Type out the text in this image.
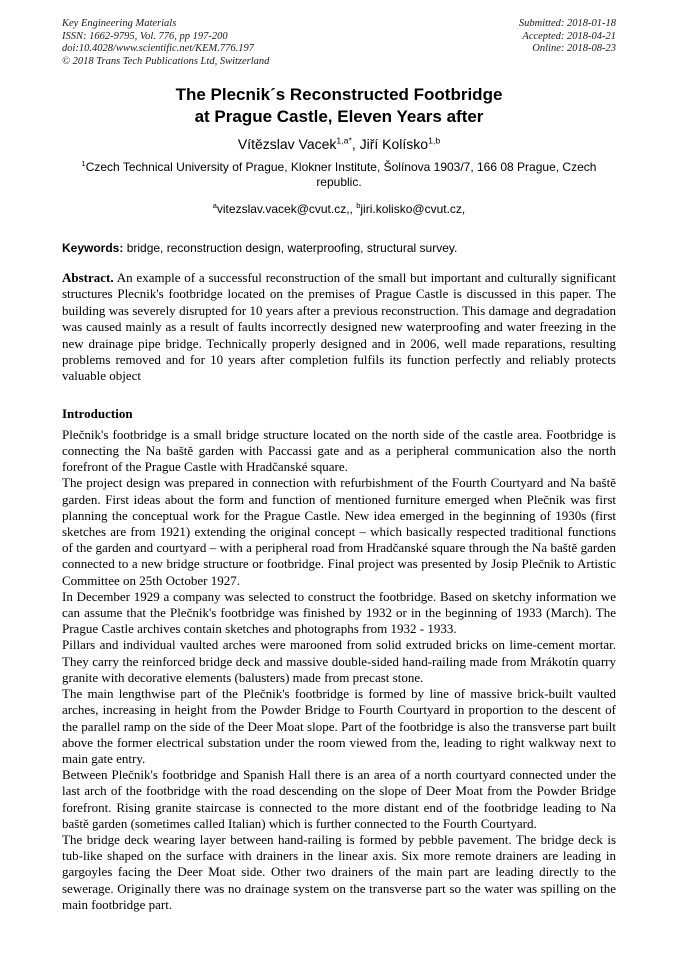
Key Engineering Materials
ISSN: 1662-9795, Vol. 776, pp 197-200
doi:10.4028/www.scientific.net/KEM.776.197
© 2018 Trans Tech Publications Ltd, Switzerland
Submitted: 2018-01-18
Accepted: 2018-04-21
Online: 2018-08-23
The Plecnik´s Reconstructed Footbridge
at Prague Castle, Eleven Years after
Vítězslav Vacek$^{1,a*}$, Jiří Kolísko$^{1,b}$
$^1$Czech Technical University of Prague, Klokner Institute, Šolínova 1903/7, 166 08 Prague, Czech republic.
$^a$vitezslav.vacek@cvut.cz,, $^b$jiri.kolisko@cvut.cz,

Keywords: bridge, reconstruction design, waterproofing, structural survey.

Abstract. An example of a successful reconstruction of the small but important and culturally significant structures Plecnik's footbridge located on the premises of Prague Castle is discussed in this paper. The building was severely disrupted for 10 years after a previous reconstruction. This damage and degradation was caused mainly as a result of faults incorrectly designed new waterproofing and water freezing in the new drainage pipe bridge. Technically properly designed and in 2006, well made reparations, resulting problems removed and for 10 years after completion fulfils its function perfectly and reliably protects valuable object

Introduction

Plečnik's footbridge is a small bridge structure located on the north side of the castle area. Footbridge is connecting the Na baště garden with Paccassi gate and as a peripheral communication also the north forefront of the Prague Castle with Hradčanské square.

The project design was prepared in connection with refurbishment of the Fourth Courtyard and Na baště garden. First ideas about the form and function of mentioned furniture emerged when Plečnik was first planning the conceptual work for the Prague Castle. New idea emerged in the beginning of 1930s (first sketches are from 1921) extending the original concept – which basically respected traditional functions of the garden and courtyard – with a peripheral road from Hradčanské square through the Na baště garden connected to a new bridge structure or footbridge. Final project was presented by Josip Plečnik to Artistic Committee on 25th October 1927.

In December 1929 a company was selected to construct the footbridge. Based on sketchy information we can assume that the Plečnik's footbridge was finished by 1932 or in the beginning of 1933 (March). The Prague Castle archives contain sketches and photographs from 1932 - 1933.

Pillars and individual vaulted arches were marooned from solid extruded bricks on lime-cement mortar. They carry the reinforced bridge deck and massive double-sided hand-railing made from Mrákotín quarry granite with decorative elements (balusters) made from precast stone.

The main lengthwise part of the Plečnik's footbridge is formed by line of massive brick-built vaulted arches, increasing in height from the Powder Bridge to Fourth Courtyard in proportion to the descent of the parallel ramp on the side of the Deer Moat slope. Part of the footbridge is also the transverse part built above the former electrical substation under the room viewed from the, leading to right walkway next to main gate entry.

Between Plečnik's footbridge and Spanish Hall there is an area of a north courtyard connected under the last arch of the footbridge with the road descending on the slope of Deer Moat from the Powder Bridge forefront. Rising granite staircase is connected to the more distant end of the footbridge leading to Na baště garden (sometimes called Italian) which is further connected to the Fourth Courtyard.

The bridge deck wearing layer between hand-railing is formed by pebble pavement. The bridge deck is tub-like shaped on the surface with drainers in the linear axis. Six more remote drainers are leading in gargoyles facing the Deer Moat side. Other two drainers of the main part are leading directly to the sewerage. Originally there was no drainage system on the transverse part so the water was spilling on the main footbridge part.
